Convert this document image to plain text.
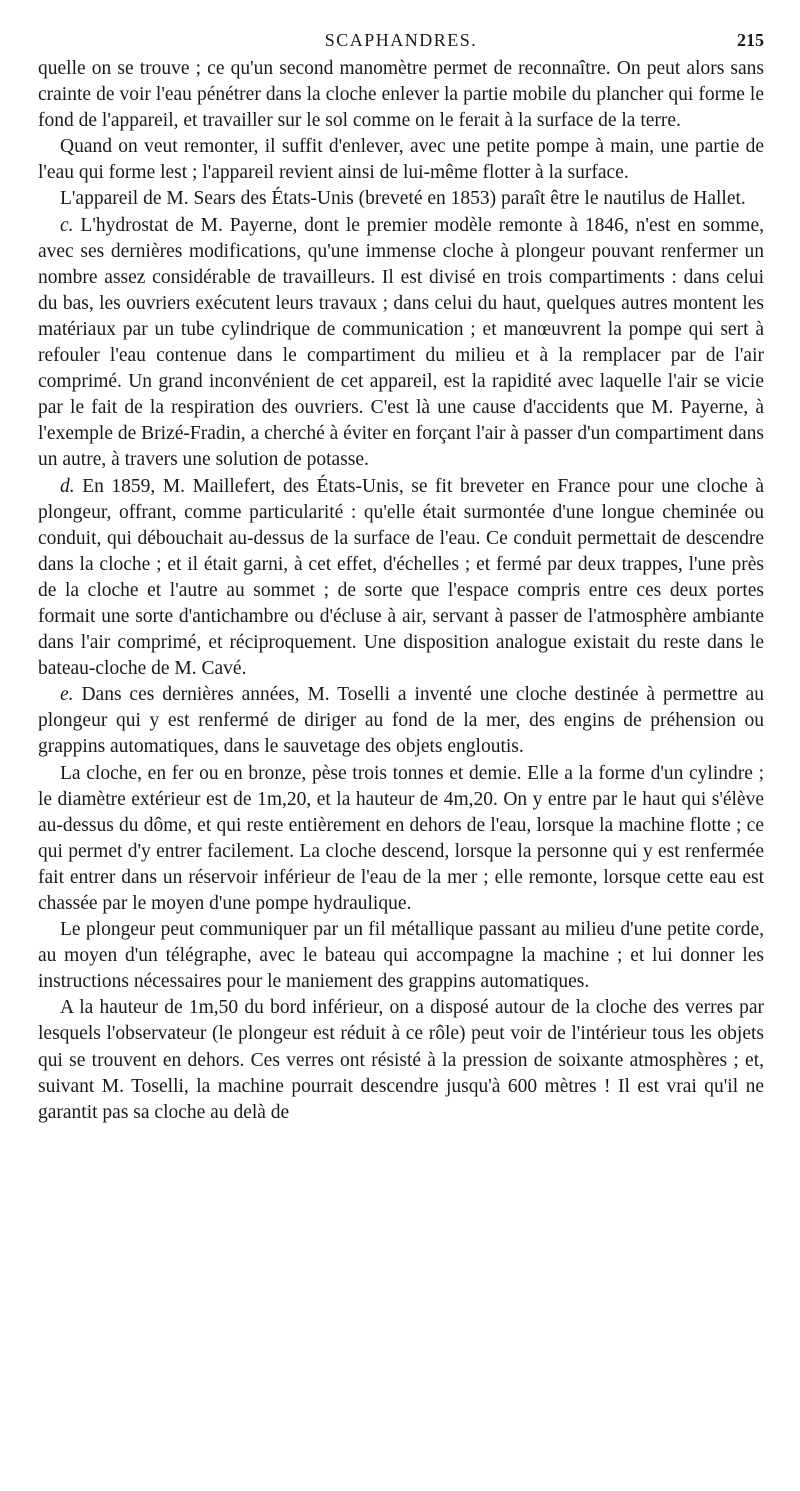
SCAPHANDRES.	215

quelle on se trouve ; ce qu'un second manomètre permet de reconnaître. On peut alors sans crainte de voir l'eau pénétrer dans la cloche enlever la partie mobile du plancher qui forme le fond de l'appareil, et travailler sur le sol comme on le ferait à la surface de la terre.

Quand on veut remonter, il suffit d'enlever, avec une petite pompe à main, une partie de l'eau qui forme lest ; l'appareil revient ainsi de lui-même flotter à la surface.

L'appareil de M. Sears des États-Unis (breveté en 1853) paraît être le nautilus de Hallet.

c. L'hydrostat de M. Payerne, dont le premier modèle remonte à 1846, n'est en somme, avec ses dernières modifications, qu'une immense cloche à plongeur pouvant renfermer un nombre assez considérable de travailleurs. Il est divisé en trois compartiments : dans celui du bas, les ouvriers exécutent leurs travaux ; dans celui du haut, quelques autres montent les matériaux par un tube cylindrique de communication ; et manœuvrent la pompe qui sert à refouler l'eau contenue dans le compartiment du milieu et à la remplacer par de l'air comprimé. Un grand inconvénient de cet appareil, est la rapidité avec laquelle l'air se vicie par le fait de la respiration des ouvriers. C'est là une cause d'accidents que M. Payerne, à l'exemple de Brizé-Fradin, a cherché à éviter en forçant l'air à passer d'un compartiment dans un autre, à travers une solution de potasse.

d. En 1859, M. Maillefert, des États-Unis, se fit breveter en France pour une cloche à plongeur, offrant, comme particularité : qu'elle était surmontée d'une longue cheminée ou conduit, qui débouchait au-dessus de la surface de l'eau. Ce conduit permettait de descendre dans la cloche ; et il était garni, à cet effet, d'échelles ; et fermé par deux trappes, l'une près de la cloche et l'autre au sommet ; de sorte que l'espace compris entre ces deux portes formait une sorte d'antichambre ou d'écluse à air, servant à passer de l'atmosphère ambiante dans l'air comprimé, et réciproquement. Une disposition analogue existait du reste dans le bateau-cloche de M. Cavé.

e. Dans ces dernières années, M. Toselli a inventé une cloche destinée à permettre au plongeur qui y est renfermé de diriger au fond de la mer, des engins de préhension ou grappins automatiques, dans le sauvetage des objets engloutis.

La cloche, en fer ou en bronze, pèse trois tonnes et demie. Elle a la forme d'un cylindre ; le diamètre extérieur est de 1m,20, et la hauteur de 4m,20. On y entre par le haut qui s'élève au-dessus du dôme, et qui reste entièrement en dehors de l'eau, lorsque la machine flotte ; ce qui permet d'y entrer facilement. La cloche descend, lorsque la personne qui y est renfermée fait entrer dans un réservoir inférieur de l'eau de la mer ; elle remonte, lorsque cette eau est chassée par le moyen d'une pompe hydraulique.

Le plongeur peut communiquer par un fil métallique passant au milieu d'une petite corde, au moyen d'un télégraphe, avec le bateau qui accompagne la machine ; et lui donner les instructions nécessaires pour le maniement des grappins automatiques.

A la hauteur de 1m,50 du bord inférieur, on a disposé autour de la cloche des verres par lesquels l'observateur (le plongeur est réduit à ce rôle) peut voir de l'intérieur tous les objets qui se trouvent en dehors. Ces verres ont résisté à la pression de soixante atmosphères ; et, suivant M. Toselli, la machine pourrait descendre jusqu'à 600 mètres ! Il est vrai qu'il ne garantit pas sa cloche au delà de
